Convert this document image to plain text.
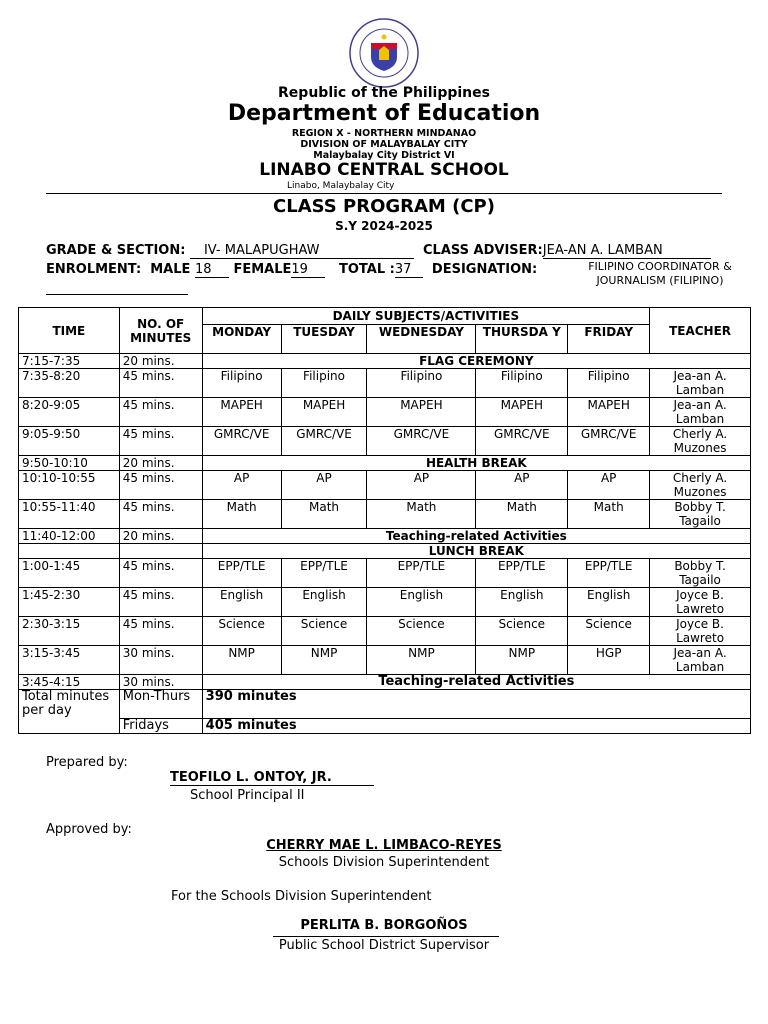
Republic of the Philippines
Department of Education
REGION X - NORTHERN MINDANAO
DIVISION OF MALAYBALAY CITY
Malaybalay City District VI
LINABO CENTRAL SCHOOL
Linabo, Malaybalay City
CLASS PROGRAM (CP)
S.Y 2024-2025
GRADE & SECTION: IV- MALAPUGHAW	CLASS ADVISER:JEA-AN A. LAMBAN
ENROLMENT: MALE 18 FEMALE19 TOTAL :37 DESIGNATION:	FILIPINO COORDINATOR &
JOURNALISM (FILIPINO)
TIME	NO. OF MINUTES	DAILY SUBJECTS/ACTIVITIES					TEACHER
		MONDAY	TUESDAY	WEDNESDAY	THURSDA Y	FRIDAY	
7:15-7:35	20 mins.	FLAG CEREMONY					
7:35-8:20	45 mins.	Filipino	Filipino	Filipino	Filipino	Filipino	Jea-an A. Lamban
8:20-9:05	45 mins.	MAPEH	MAPEH	MAPEH	MAPEH	MAPEH	Jea-an A. Lamban
9:05-9:50	45 mins.	GMRC/VE	GMRC/VE	GMRC/VE	GMRC/VE	GMRC/VE	Cherly A. Muzones
9:50-10:10	20 mins.	HEALTH BREAK					
10:10-10:55	45 mins.	AP	AP	AP	AP	AP	Cherly A. Muzones
10:55-11:40	45 mins.	Math	Math	Math	Math	Math	Bobby T. Tagailo
11:40-12:00	20 mins.	Teaching-related Activities					
		LUNCH BREAK					
1:00-1:45	45 mins.	EPP/TLE	EPP/TLE	EPP/TLE	EPP/TLE	EPP/TLE	Bobby T. Tagailo
1:45-2:30	45 mins.	English	English	English	English	English	Joyce B. Lawreto
2:30-3:15	45 mins.	Science	Science	Science	Science	Science	Joyce B. Lawreto
3:15-3:45	30 mins.	NMP	NMP	NMP	NMP	HGP	Jea-an A. Lamban
3:45-4:15	30 mins.	Teaching-related Activities					
Total minutes per day	Mon-Thurs	390 minutes					
	Fridays	405 minutes					
Prepared by:
TEOFILO L. ONTOY, JR.
School Principal II
Approved by:
CHERRY MAE L. LIMBACO-REYES
Schools Division Superintendent
For the Schools Division Superintendent
PERLITA B. BORGOÑOS
Public School District Supervisor
